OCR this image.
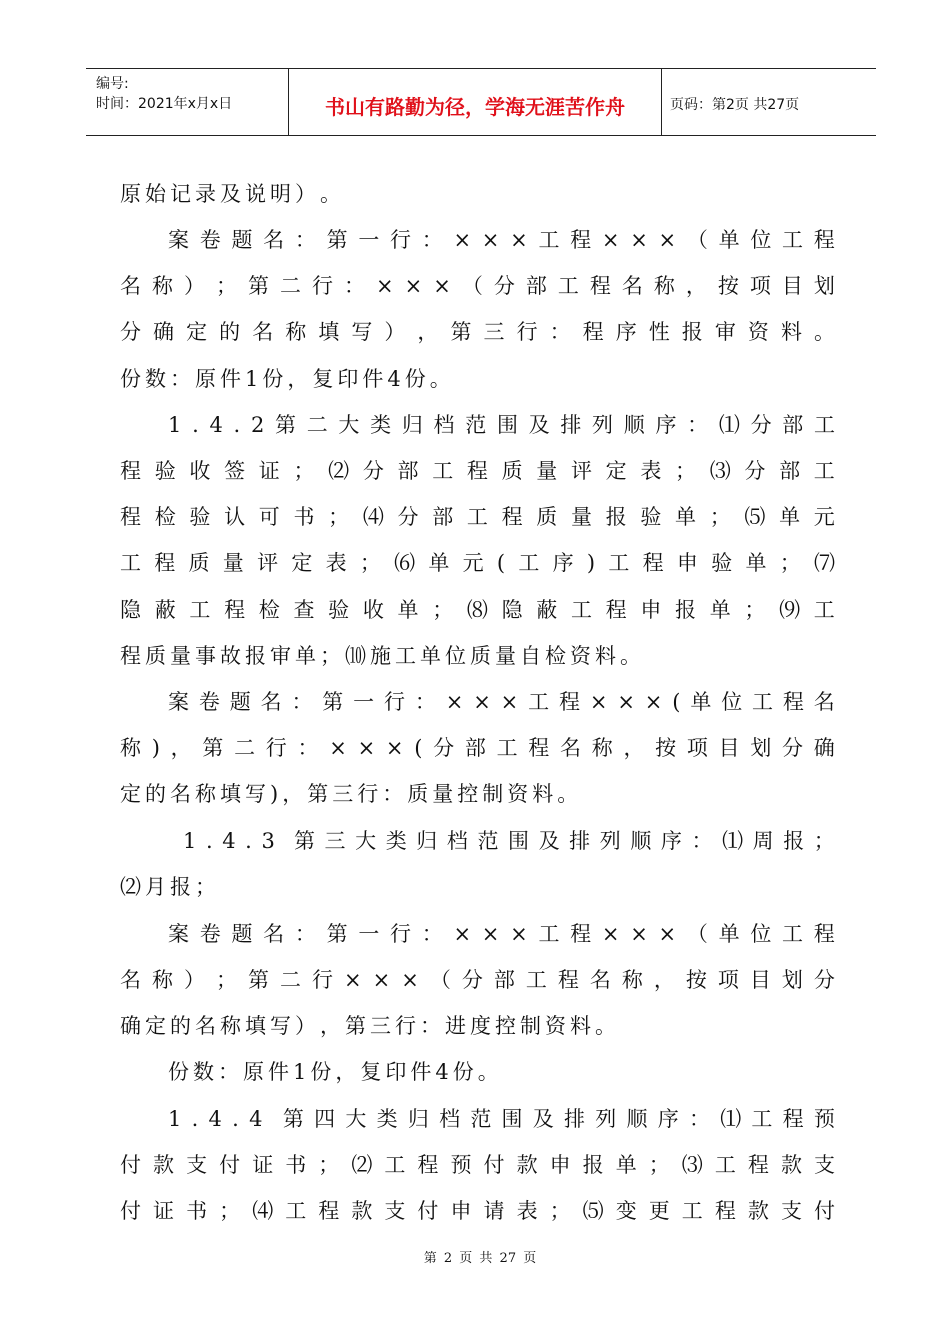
编号:
时间：2021年x月x日	书山有路勤为径，学海无涯苦作舟	页码：第2页 共27页
原 始 记 录 及 说 明 ） 。
案 卷 题 名 ： 第 一 行 ： × × × 工 程 × × × （ 单 位 工 程
名 称 ） ； 第 二 行 ： × × × （ 分 部 工 程 名 称 ， 按 项 目 划
分 确 定 的 名 称 填 写 ） ， 第 三 行 ： 程 序 性 报 审 资 料 。
份 数 ： 原 件 1 份 ， 复 印 件 4 份 。
1 . 4 . 2 第 二 大 类 归 档 范 围 及 排 列 顺 序 ： ⑴ 分 部 工
程 验 收 签 证 ； ⑵ 分 部 工 程 质 量 评 定 表 ； ⑶ 分 部 工
程 检 验 认 可 书 ； ⑷ 分 部 工 程 质 量 报 验 单 ； ⑸ 单 元
工 程 质 量 评 定 表 ； ⑹ 单 元 ( 工 序 ) 工 程 申 验 单 ； ⑺
隐 蔽 工 程 检 查 验 收 单 ； ⑻ 隐 蔽 工 程 申 报 单 ； ⑼ 工
程 质 量 事 故 报 审 单 ； ⑽ 施 工 单 位 质 量 自 检 资 料 。
案 卷 题 名 ： 第 一 行 ： × × × 工 程 × × × ( 单 位 工 程 名
称 ) ， 第 二 行 ： × × × ( 分 部 工 程 名 称 ， 按 项 目 划 分 确
定 的 名 称 填 写 ) ， 第 三 行 ： 质 量 控 制 资 料 。
1 . 4 . 3 第 三 大 类 归 档 范 围 及 排 列 顺 序 ： ⑴ 周 报 ；
⑵ 月 报 ；
案 卷 题 名 ： 第 一 行 ： × × × 工 程 × × × （ 单 位 工 程
名 称 ） ； 第 二 行 × × × （ 分 部 工 程 名 称 ， 按 项 目 划 分
确 定 的 名 称 填 写 ） ， 第 三 行 ： 进 度 控 制 资 料 。
份 数 ： 原 件 1 份 ， 复 印 件 4 份 。
1 . 4 . 4 第 四 大 类 归 档 范 围 及 排 列 顺 序 ： ⑴ 工 程 预
付 款 支 付 证 书 ； ⑵ 工 程 预 付 款 申 报 单 ； ⑶ 工 程 款 支
付 证 书 ； ⑷ 工 程 款 支 付 申 请 表 ； ⑸ 变 更 工 程 款 支 付
第 2 页 共 27 页
